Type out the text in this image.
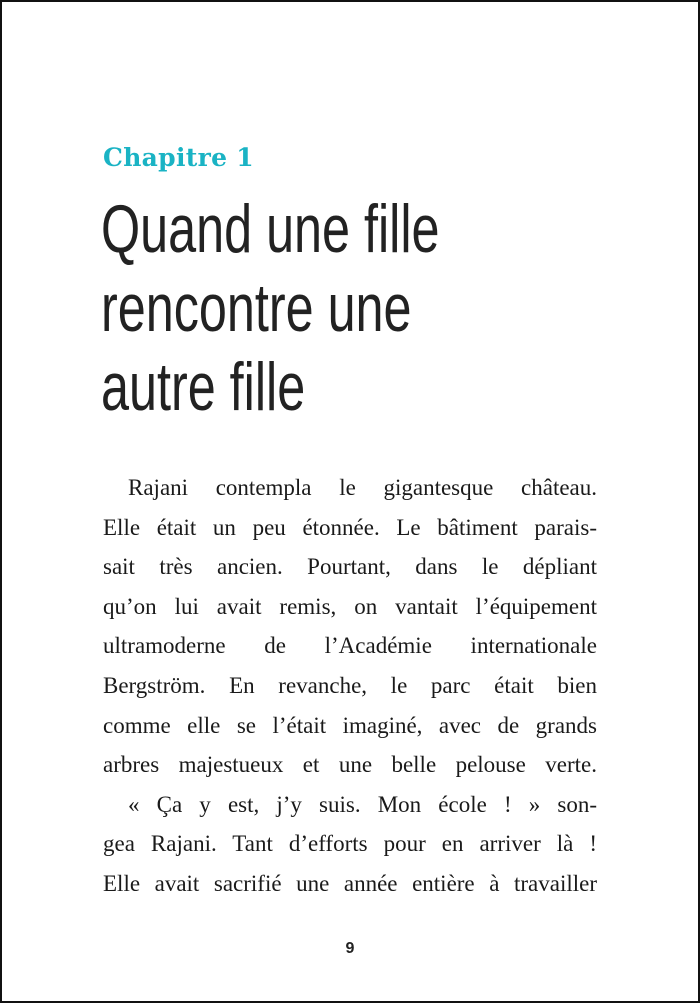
Chapitre 1
Quand une fille
rencontre une
autre fille
Rajani contempla le gigantesque château.
Elle était un peu étonnée. Le bâtiment parais-
sait très ancien. Pourtant, dans le dépliant
qu’on lui avait remis, on vantait l’équipement
ultramoderne de l’Académie internationale
Bergström. En revanche, le parc était bien
comme elle se l’était imaginé, avec de grands
arbres majestueux et une belle pelouse verte.
« Ça y est, j’y suis. Mon école ! » son-
gea Rajani. Tant d’efforts pour en arriver là !
Elle avait sacrifié une année entière à travailler
9
